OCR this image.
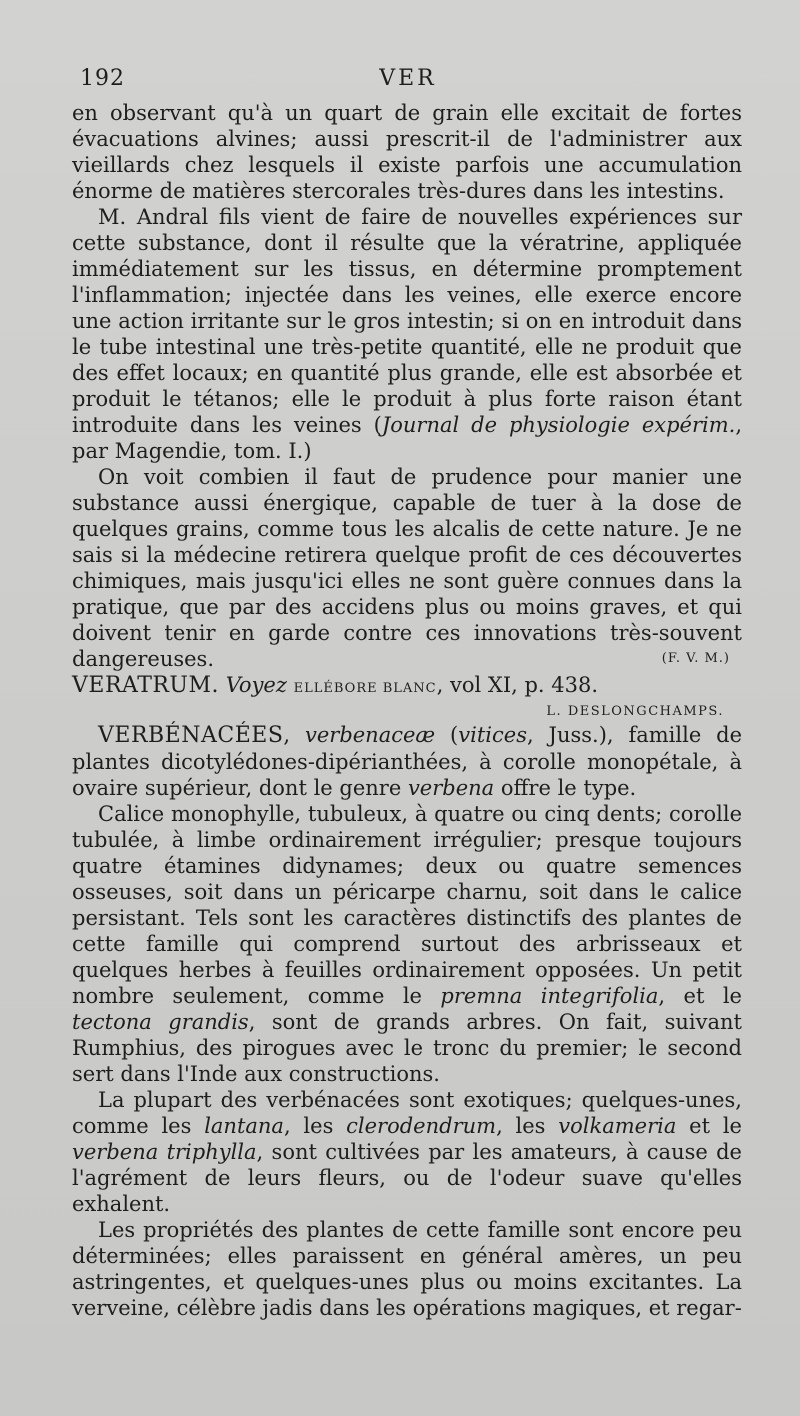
192	VER

en observant qu'à un quart de grain elle excitait de fortes évacuations alvines; aussi prescrit-il de l'administrer aux vieillards chez lesquels il existe parfois une accumulation énorme de matières stercorales très-dures dans les intestins.

M. Andral fils vient de faire de nouvelles expériences sur cette substance, dont il résulte que la vératrine, appliquée immédiatement sur les tissus, en détermine promptement l'inflammation; injectée dans les veines, elle exerce encore une action irritante sur le gros intestin; si on en introduit dans le tube intestinal une très-petite quantité, elle ne produit que des effet locaux; en quantité plus grande, elle est absorbée et produit le tétanos; elle le produit à plus forte raison étant introduite dans les veines (Journal de physiologie expérim., par Magendie, tom. I.)

On voit combien il faut de prudence pour manier une substance aussi énergique, capable de tuer à la dose de quelques grains, comme tous les alcalis de cette nature. Je ne sais si la médecine retirera quelque profit de ces découvertes chimiques, mais jusqu'ici elles ne sont guère connues dans la pratique, que par des accidens plus ou moins graves, et qui doivent tenir en garde contre ces innovations très-souvent dangereuses.	(F. V. M.)

VERATRUM. Voyez ELLÉBORE BLANC, vol XI, p. 438.

L. DESLONGCHAMPS.

VERBÉNACÉES, verbenaceæ (vitices, Juss.), famille de plantes dicotylédones-dipérianthées, à corolle monopétale, à ovaire supérieur, dont le genre verbena offre le type.

Calice monophylle, tubuleux, à quatre ou cinq dents; corolle tubulée, à limbe ordinairement irrégulier; presque toujours quatre étamines didynames; deux ou quatre semences osseuses, soit dans un péricarpe charnu, soit dans le calice persistant. Tels sont les caractères distinctifs des plantes de cette famille qui comprend surtout des arbrisseaux et quelques herbes à feuilles ordinairement opposées. Un petit nombre seulement, comme le premna integrifolia, et le tectona grandis, sont de grands arbres. On fait, suivant Rumphius, des pirogues avec le tronc du premier; le second sert dans l'Inde aux constructions.

La plupart des verbénacées sont exotiques; quelques-unes, comme les lantana, les clerodendrum, les volkameria et le verbena triphylla, sont cultivées par les amateurs, à cause de l'agrément de leurs fleurs, ou de l'odeur suave qu'elles exhalent.

Les propriétés des plantes de cette famille sont encore peu déterminées; elles paraissent en général amères, un peu astringentes, et quelques-unes plus ou moins excitantes. La verveine, célèbre jadis dans les opérations magiques, et regar-
